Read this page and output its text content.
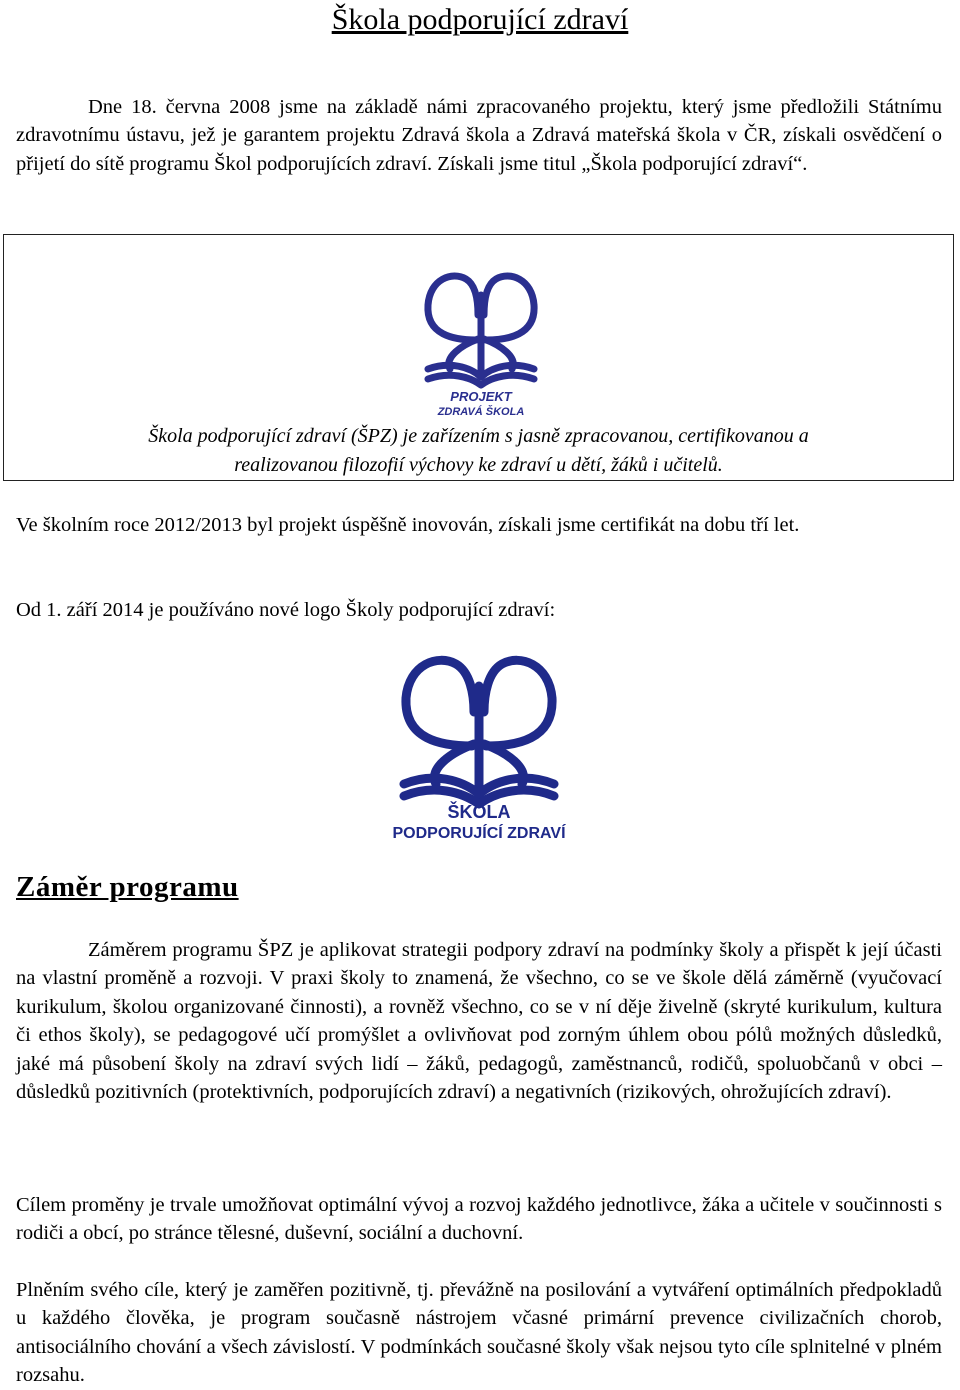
Škola podporující zdraví

Dne 18. června 2008 jsme na základě námi zpracovaného projektu, který jsme předložili Státnímu zdravotnímu ústavu, jež je garantem projektu Zdravá škola a Zdravá mateřská škola v ČR, získali osvědčení o přijetí do sítě programu Škol podporujících zdraví. Získali jsme titul „Škola podporující zdraví“.

PROJEKT
ZDRAVÁ ŠKOLA
Škola podporující zdraví (ŠPZ) je zařízením s jasně zpracovanou, certifikovanou a
realizovanou filozofií výchovy ke zdraví u dětí, žáků i učitelů.

Ve školním roce 2012/2013 byl projekt úspěšně inovován, získali jsme certifikát na dobu tří let.

Od 1. září 2014 je používáno nové logo Školy podporující zdraví:

ŠKOLA
PODPORUJÍCÍ ZDRAVÍ
Záměr programu

Záměrem programu ŠPZ je aplikovat strategii podpory zdraví na podmínky školy a přispět k její účasti na vlastní proměně a rozvoji. V praxi školy to znamená, že všechno, co se ve škole dělá záměrně (vyučovací kurikulum, školou organizované činnosti), a rovněž všechno, co se v ní děje živelně (skryté kurikulum, kultura či ethos školy), se pedagogové učí promýšlet a ovlivňovat pod zorným úhlem obou pólů možných důsledků, jaké má působení školy na zdraví svých lidí – žáků, pedagogů, zaměstnanců, rodičů, spoluobčanů v obci – důsledků pozitivních (protektivních, podporujících zdraví) a negativních (rizikových, ohrožujících zdraví).

Cílem proměny je trvale umožňovat optimální vývoj a rozvoj každého jednotlivce, žáka a učitele v součinnosti s rodiči a obcí, po stránce tělesné, duševní, sociální a duchovní.

Plněním svého cíle, který je zaměřen pozitivně, tj. převážně na posilování a vytváření optimálních předpokladů u každého člověka, je program současně nástrojem včasné primární prevence civilizačních chorob, antisociálního chování a všech závislostí. V podmínkách současné školy však nejsou tyto cíle splnitelné v plném rozsahu.
